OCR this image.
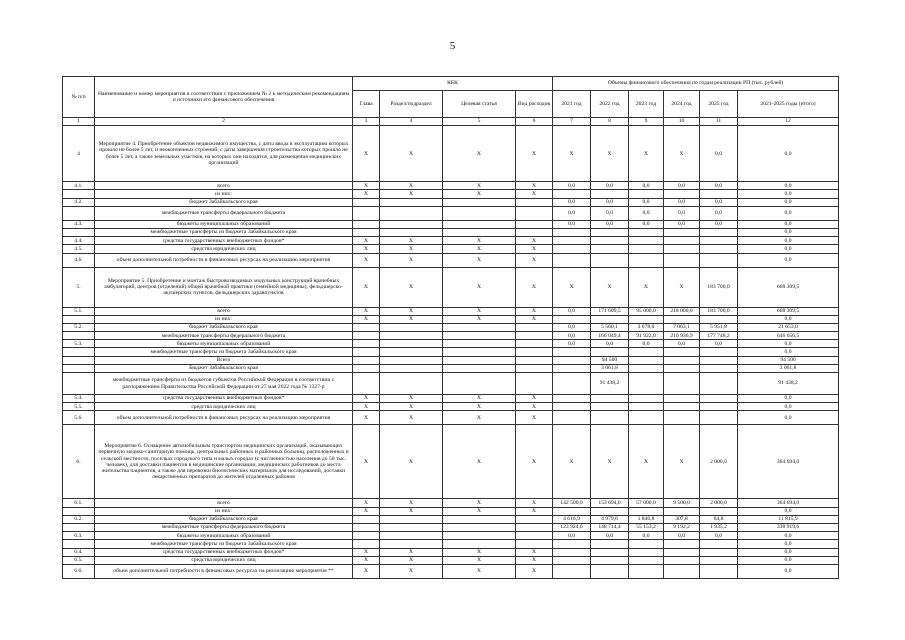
5
№ п/п	Наименование и номер мероприятия в соответствии с приложением № 2 к методическим рекомендациям и источники его финансового обеспечения	КБК				Объемы финансового обеспечения по годам реализации РП (тыс. рублей)					
		Глава	Раздел/подраздел	Целевая статья	Вид расходов	2021 год	2022 год	2023 год	2024 год	2025 год	2021-2025 годы (итого)
1	2	3	4	5	6	7	8	9	10	11	12
4	Мероприятие 4. Приобретение объектов недвижимого имущества, с даты ввода в эксплуатацию которых прошло не более 5 лет, и неоконченных строений, с даты завершения строительства которых прошло не более 5 лет, а также земельных участков, на которых они находятся, для размещения медицинских организаций	Х	Х	Х	Х	Х	Х	Х	Х	0,0	0,0
4.1.	всего	Х	Х	Х	Х	0,0	0,0	0,0	0,0	0,0	0,0
	из них:	Х	Х	Х	Х						0,0
4.2.	бюджет Забайкальского края					0,0	0,0	0,0	0,0	0,0	0,0
	межбюджетные трансферты федерального бюджета					0,0	0,0	0,0	0,0	0,0	0,0
4.3.	бюджеты муниципальных образований					0,0	0,0	0,0	0,0	0,0	0,0
	межбюджетные трансферты из бюджета Забайкальского края										0,0
4.4.	средства государственных внебюджетных фондов*	Х	Х	Х	Х						0,0
4.5.	средства юридических лиц	Х	Х	Х	Х						0,0
4.6.	объем дополнительной потребности в финансовых ресурсах на реализацию мероприятия	Х	Х	Х	Х						0,0
5.	Мероприятие 5. Приобретение и монтаж быстровозводимых модульных конструкций врачебных амбулаторий, центров (отделений) общей врачебной практики (семейной медицины), фельдшерско-акушерских пунктов, фельдшерских здравпунктов	Х	Х	Х	Х	Х	Х	Х	Х	183 700,0	668 309,5
5.1.	всего	Х	Х	Х	Х	0,0	171 609,5	95 000,0	218 000,0	183 700,0	668 309,5
	из них:	Х	Х	Х	Х						0,0
5.2.	бюджет Забайкальского края					0,0	5 560,1	3 078,0	7 063,1	5 951,8	21 653,0
	межбюджетные трансферты федерального бюджета					0,0	166 049,4	91 922,0	210 936,9	177 748,2	646 656,5
5.3.	бюджеты муниципальных образований					0,0	0,0	0,0	0,0	0,0	0,0
	межбюджетные трансферты из бюджета Забайкальского края										0,0
	Всего						94 500				94 500
	Бюджет Забайкальского края						3 061,8				3 061,8
	межбюджетные трансферты из бюджетов субъектов Российской Федерации в соответствии с распоряжением Правительства Российской Федерации от 27 мая 2022 года № 1327-р						91 438,2				91 438,2
5.4.	средства государственных внебюджетных фондов*	Х	Х	Х	Х						0,0
5.5.	средства юридических лиц	Х	Х	Х	Х						0,0
5.6.	объем дополнительной потребности в финансовых ресурсах на реализацию мероприятия	Х	Х	Х	Х						0,0
6.	Мероприятие 6. Оснащение автомобильным транспортом медицинских организаций, оказывающих первичную медико-санитарную помощь, центральных районных и районных больниц, расположенных в сельской местности, поселках городского типа и малых городах (с численностью населения до 50 тыс. человек), для доставки пациентов в медицинские организации, медицинских работников до места жительства пациентов, а также для перевозки биологических материалов для исследований, доставки лекарственных препаратов до жителей отдаленных районов	Х	Х	Х	Х	Х	Х	Х	Х	2 000,0	364 694,0
6.1.	всего	Х	Х	Х	Х	142 500,0	153 694,0	57 000,0	9 500,0	2 000,0	364 694,0
	из них:	Х	Х	Х	Х						0,0
6.2.	бюджет Забайкальского края					4 616,9	4 979,6	1 846,8	307,8	64,8	11 815,9
	межбюджетные трансферты федерального бюджета					123 924,6	148 714,4	55 153,2	9 192,2	1 935,2	338 919,6
6.3.	бюджеты муниципальных образований					0,0	0,0	0,0	0,0	0,0	0,0
	межбюджетные трансферты из бюджета Забайкальского края										0,0
6.4.	средства государственных внебюджетных фондов*	Х	Х	Х	Х						0,0
6.5.	средства юридических лиц	Х	Х	Х	Х						0,0
6.6.	объем дополнительной потребности в финансовых ресурсах на реализацию мероприятия **	Х	Х	Х	Х						0,0
